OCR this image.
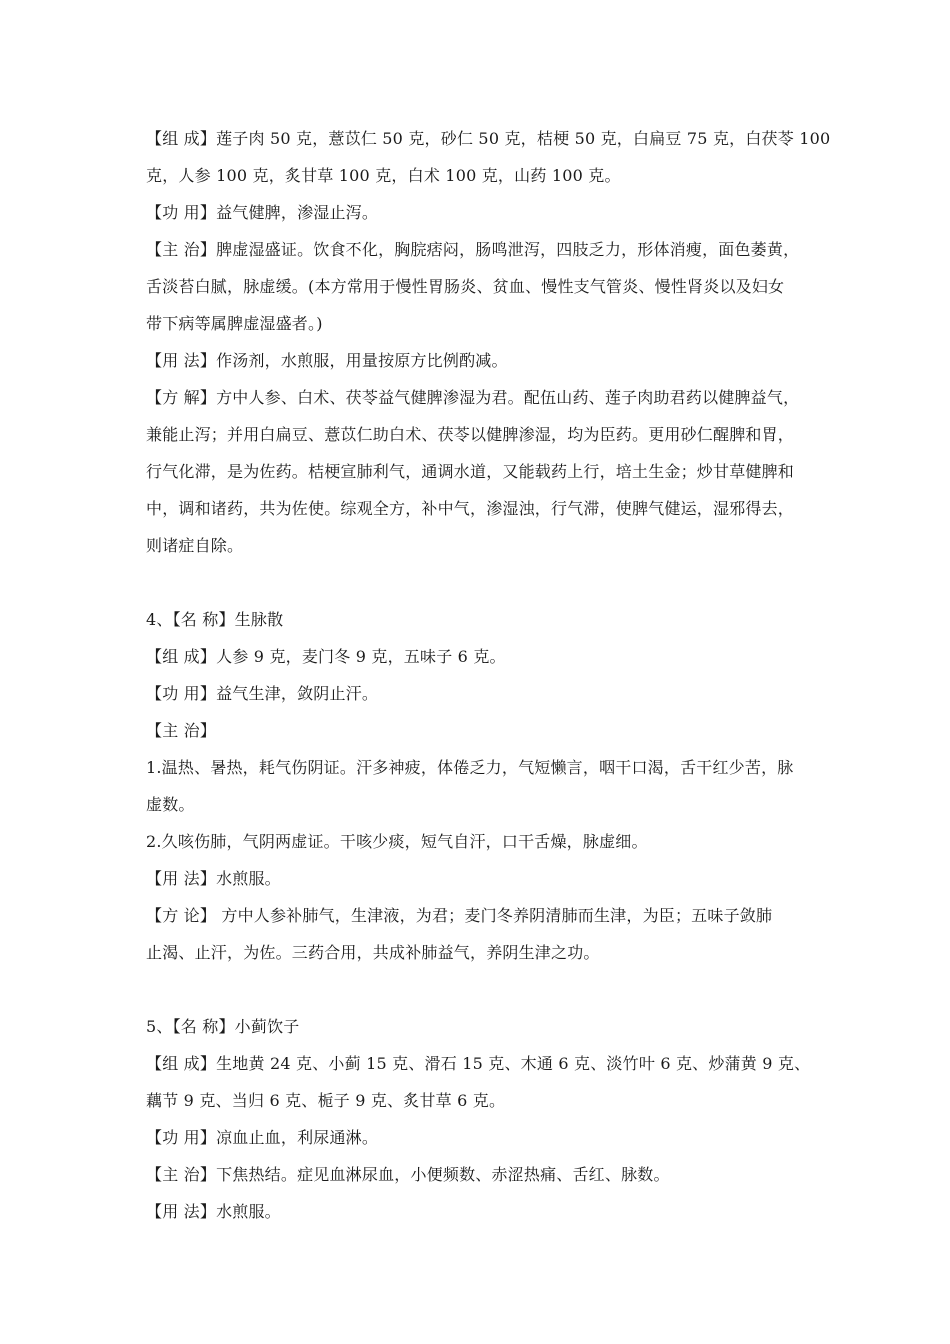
【组 成】莲子肉 50 克，薏苡仁 50 克，砂仁 50 克，桔梗 50 克，白扁豆 75 克，白茯苓 100
克，人参 100 克，炙甘草 100 克，白术 100 克，山药 100 克。
【功 用】益气健脾，渗湿止泻。
【主 治】脾虚湿盛证。饮食不化，胸脘痞闷，肠鸣泄泻，四肢乏力，形体消瘦，面色萎黄，
舌淡苔白腻，脉虚缓。(本方常用于慢性胃肠炎、贫血、慢性支气管炎、慢性肾炎以及妇女
带下病等属脾虚湿盛者。)
【用 法】作汤剂，水煎服，用量按原方比例酌减。
【方 解】方中人参、白术、茯苓益气健脾渗湿为君。配伍山药、莲子肉助君药以健脾益气，
兼能止泻；并用白扁豆、薏苡仁助白术、茯苓以健脾渗湿，均为臣药。更用砂仁醒脾和胃，
行气化滞，是为佐药。桔梗宣肺利气，通调水道，又能载药上行，培土生金；炒甘草健脾和
中，调和诸药，共为佐使。综观全方，补中气，渗湿浊，行气滞，使脾气健运，湿邪得去，
则诸症自除。
4、【名 称】生脉散
【组 成】人参 9 克，麦门冬 9 克，五味子 6 克。
【功 用】益气生津，敛阴止汗。
【主 治】
1.温热、暑热，耗气伤阴证。汗多神疲，体倦乏力，气短懒言，咽干口渴，舌干红少苦，脉
虚数。
2.久咳伤肺，气阴两虚证。干咳少痰，短气自汗，口干舌燥，脉虚细。
【用 法】水煎服。
【方 论】 方中人参补肺气，生津液，为君；麦门冬养阴清肺而生津，为臣；五味子敛肺
止渴、止汗，为佐。三药合用，共成补肺益气，养阴生津之功。
5、【名 称】小蓟饮子
【组 成】生地黄 24 克、小蓟 15 克、滑石 15 克、木通 6 克、淡竹叶 6 克、炒蒲黄 9 克、
藕节 9 克、当归 6 克、栀子 9 克、炙甘草 6 克。
【功 用】凉血止血，利尿通淋。
【主 治】下焦热结。症见血淋尿血，小便频数、赤涩热痛、舌红、脉数。
【用 法】水煎服。
